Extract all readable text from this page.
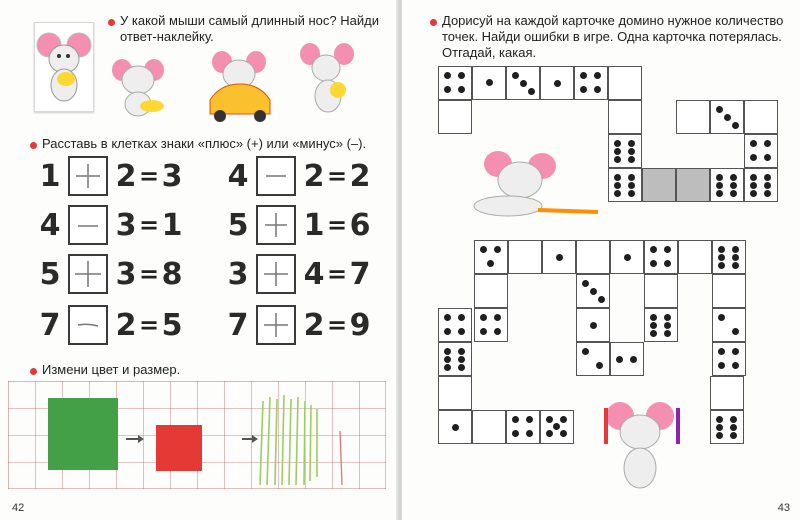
У какой мыши самый длинный нос? Найди ответ-наклейку.
Расставь в клетках знаки «плюс» (+) или «минус» (–).
1 2 = 3
4 3 = 1
5 3 = 8
7 2 = 5
4 2 = 2
5 1 = 6
3 4 = 7
7 2 = 9
Измени цвет и размер.
42
Дорисуй на каждой карточке домино нужное количество точек. Найди ошибки в игре. Одна карточка потерялась. Отгадай, какая.
43
